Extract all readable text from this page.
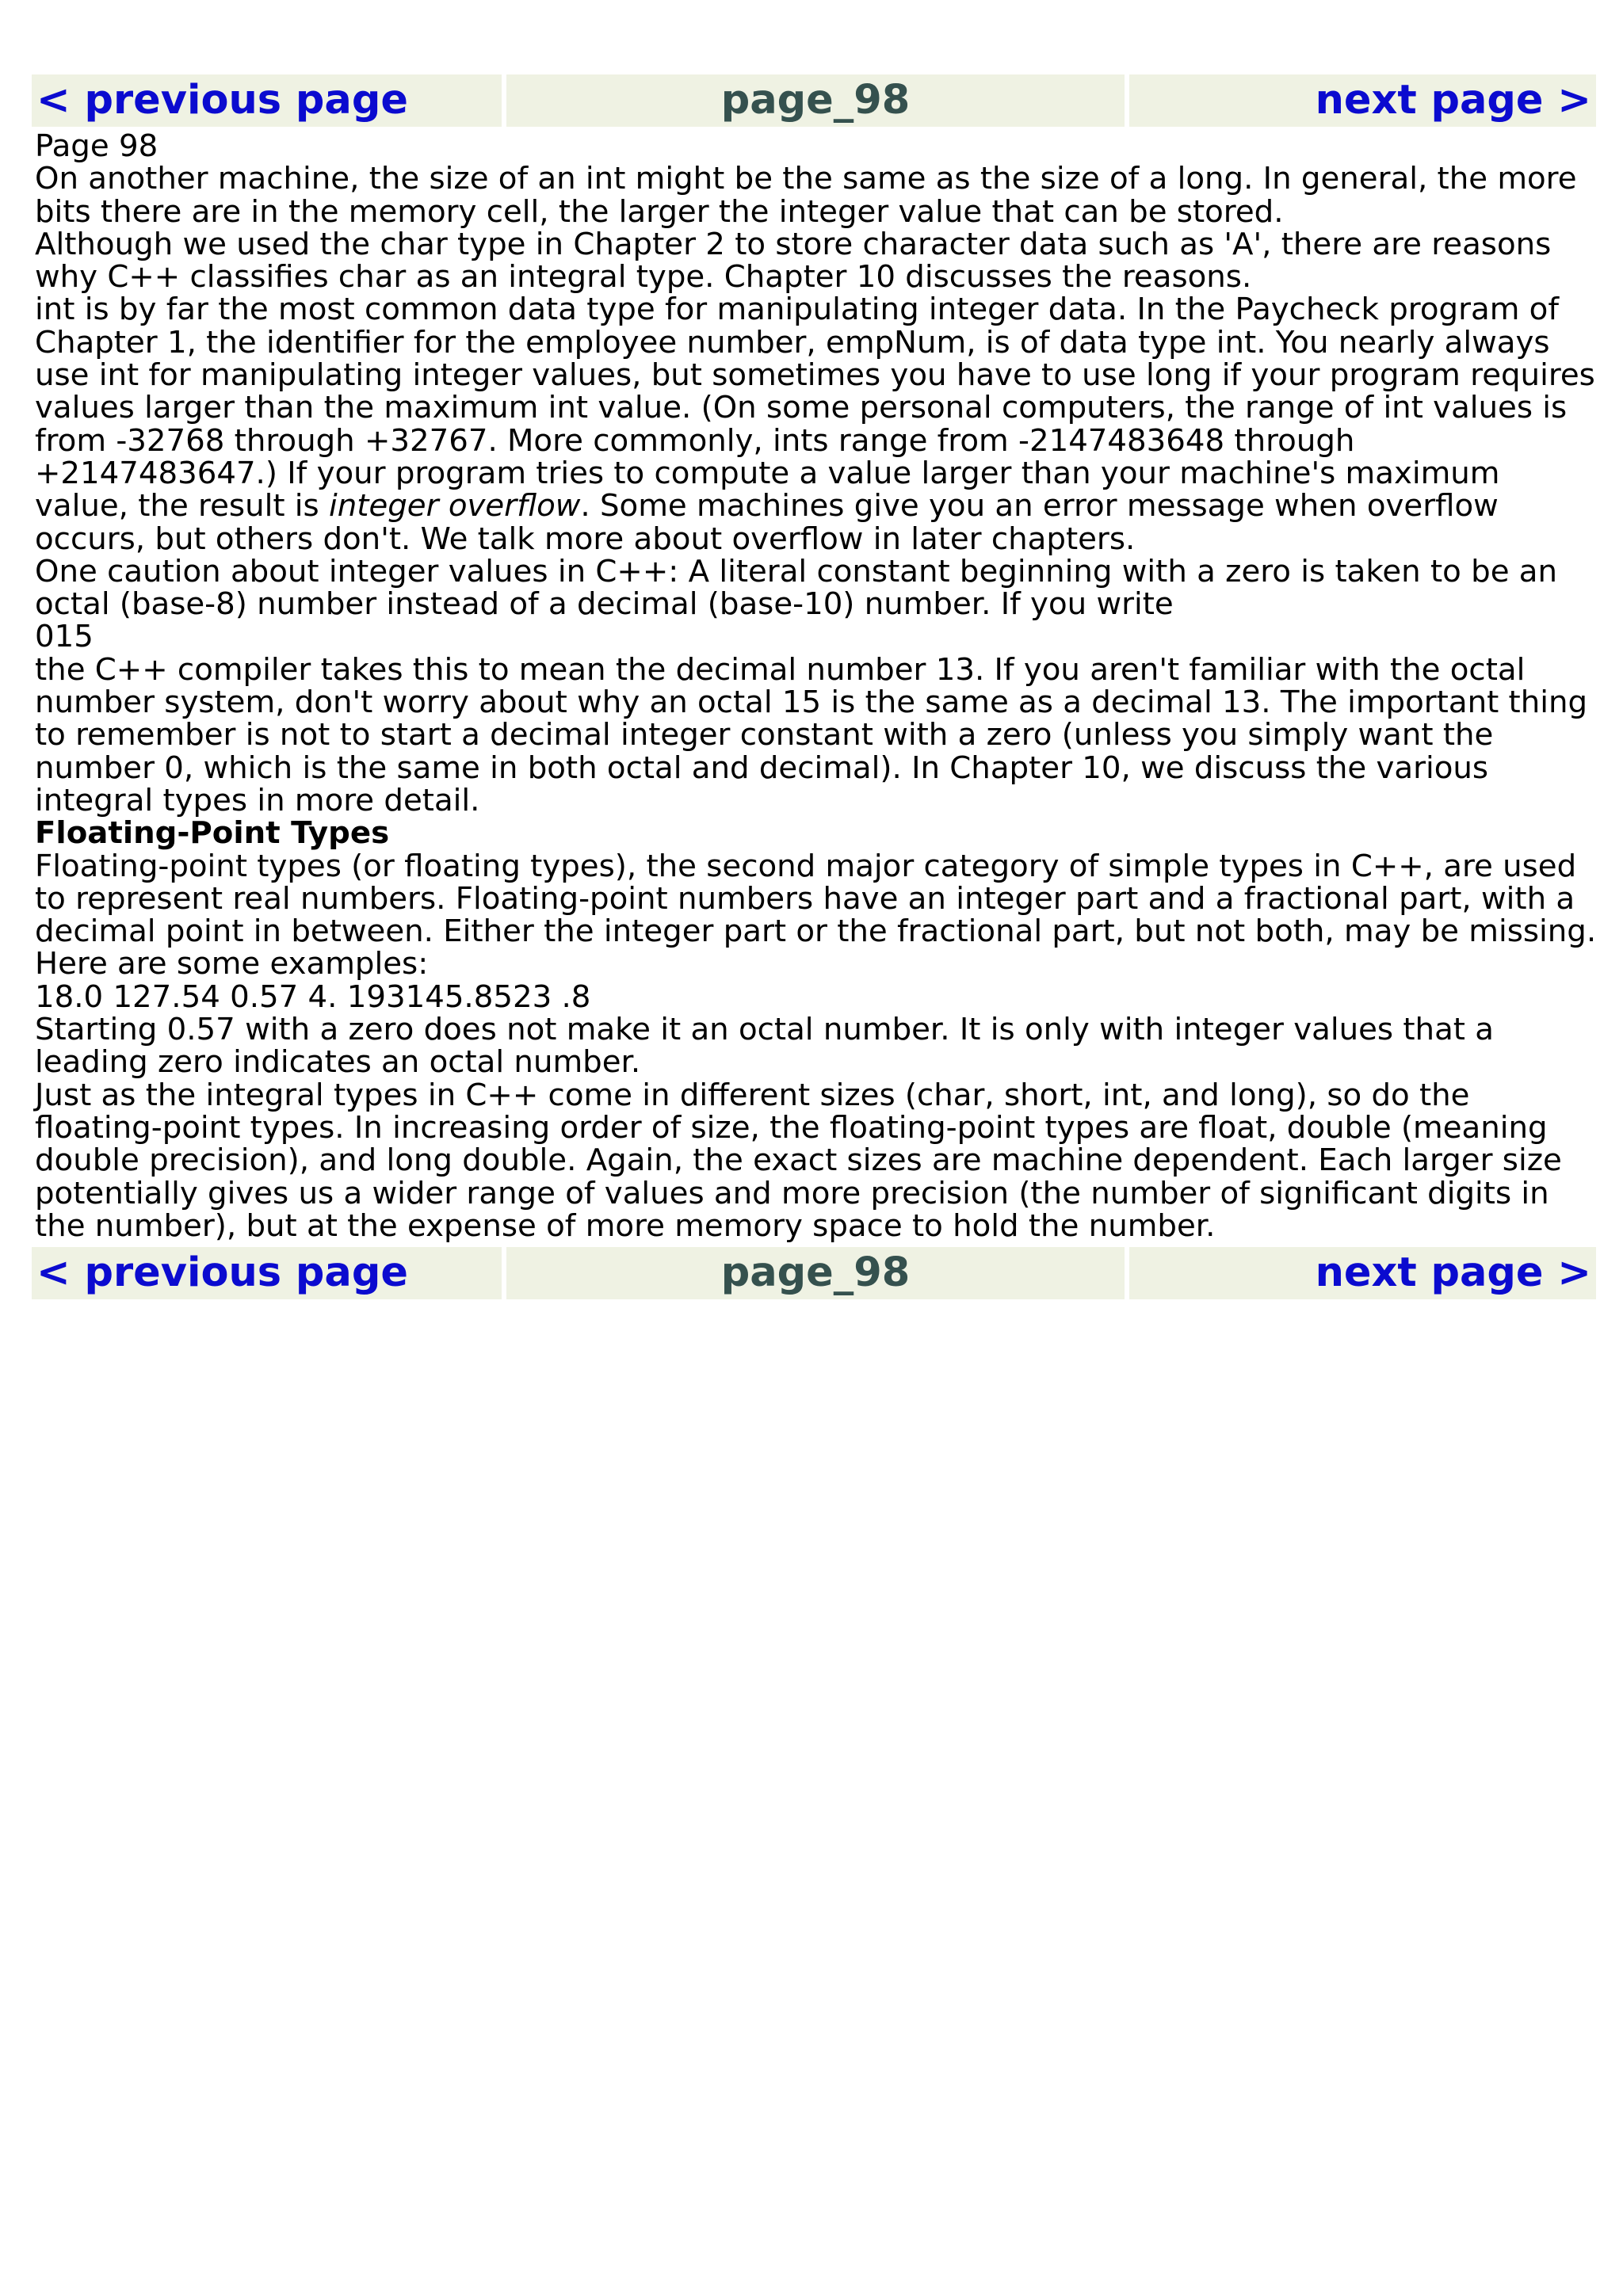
< previous page	page_98	next page >

Page 98

On another machine, the size of an int might be the same as the size of a long. In general, the more bits there are in the memory cell, the larger the integer value that can be stored.

Although we used the char type in Chapter 2 to store character data such as 'A', there are reasons why C++ classifies char as an integral type. Chapter 10 discusses the reasons.

int is by far the most common data type for manipulating integer data. In the Paycheck program of Chapter 1, the identifier for the employee number, empNum, is of data type int. You nearly always use int for manipulating integer values, but sometimes you have to use long if your program requires values larger than the maximum int value. (On some personal computers, the range of int values is from -32768 through +32767. More commonly, ints range from -2147483648 through +2147483647.) If your program tries to compute a value larger than your machine's maximum value, the result is integer overflow. Some machines give you an error message when overflow occurs, but others don't. We talk more about overflow in later chapters.

One caution about integer values in C++: A literal constant beginning with a zero is taken to be an octal (base-8) number instead of a decimal (base-10) number. If you write

015

the C++ compiler takes this to mean the decimal number 13. If you aren't familiar with the octal number system, don't worry about why an octal 15 is the same as a decimal 13. The important thing to remember is not to start a decimal integer constant with a zero (unless you simply want the number 0, which is the same in both octal and decimal). In Chapter 10, we discuss the various integral types in more detail.

Floating-Point Types

Floating-point types (or floating types), the second major category of simple types in C++, are used to represent real numbers. Floating-point numbers have an integer part and a fractional part, with a decimal point in between. Either the integer part or the fractional part, but not both, may be missing. Here are some examples:

18.0 127.54 0.57 4. 193145.8523 .8

Starting 0.57 with a zero does not make it an octal number. It is only with integer values that a leading zero indicates an octal number.

Just as the integral types in C++ come in different sizes (char, short, int, and long), so do the floating-point types. In increasing order of size, the floating-point types are float, double (meaning double precision), and long double. Again, the exact sizes are machine dependent. Each larger size potentially gives us a wider range of values and more precision (the number of significant digits in the number), but at the expense of more memory space to hold the number.

< previous page	page_98	next page >
